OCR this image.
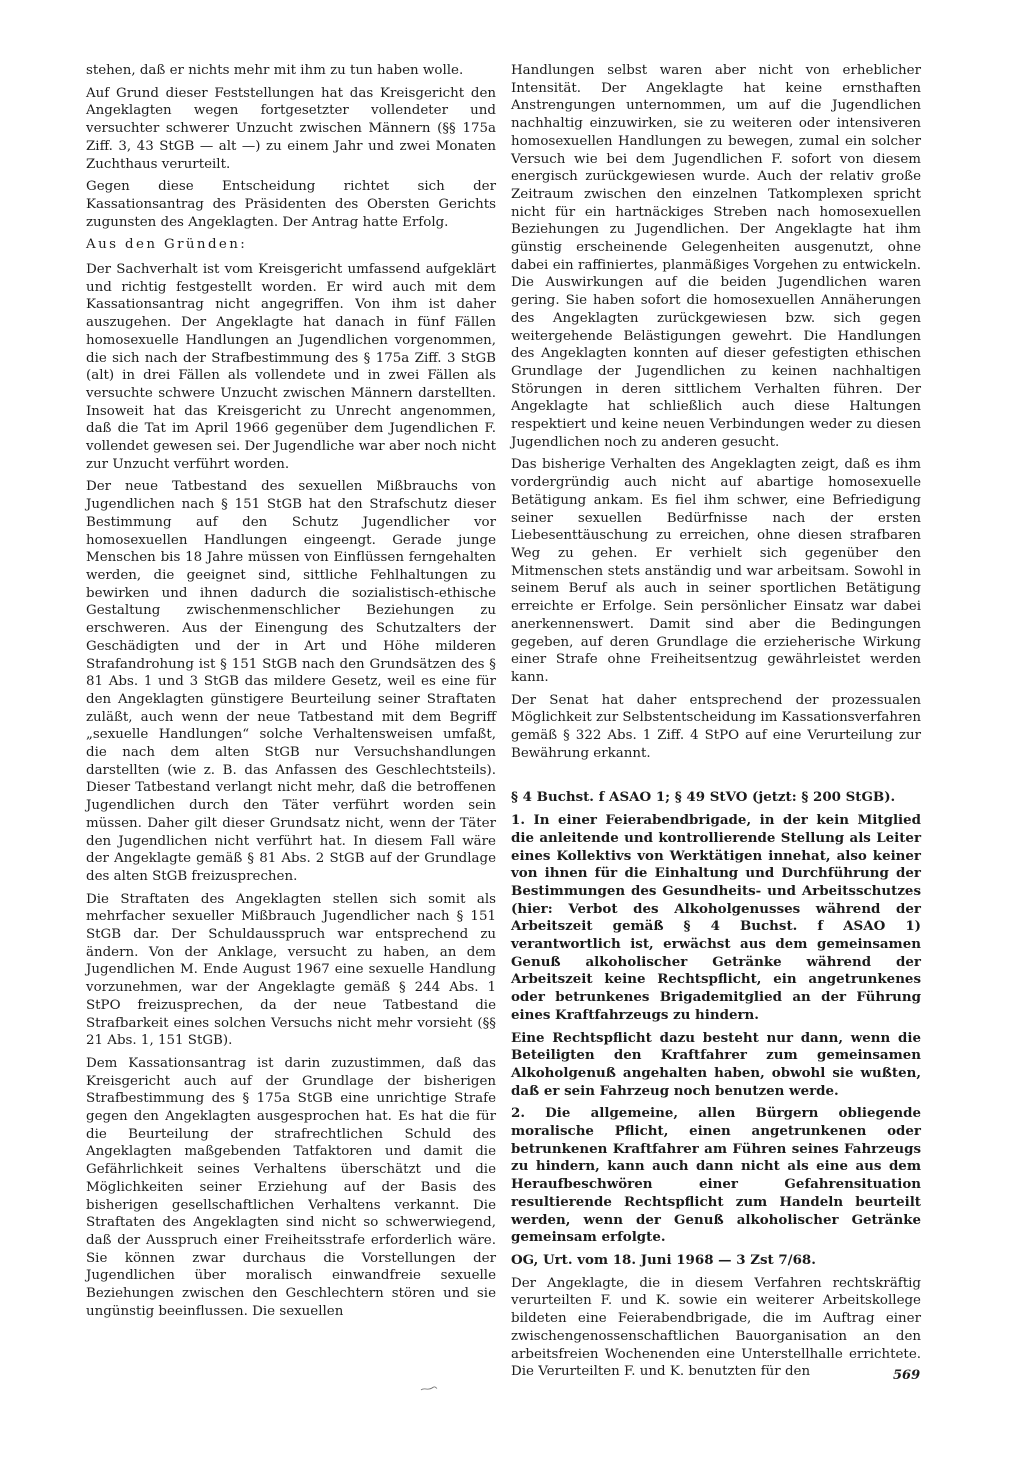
stehen, daß er nichts mehr mit ihm zu tun haben wolle.

Auf Grund dieser Feststellungen hat das Kreisgericht den Angeklagten wegen fortgesetzter vollendeter und versuchter schwerer Unzucht zwischen Männern (§§ 175a Ziff. 3, 43 StGB — alt —) zu einem Jahr und zwei Monaten Zuchthaus verurteilt.

Gegen diese Entscheidung richtet sich der Kassationsantrag des Präsidenten des Obersten Gerichts zugunsten des Angeklagten. Der Antrag hatte Erfolg.

Aus den Gründen:

Der Sachverhalt ist vom Kreisgericht umfassend aufgeklärt und richtig festgestellt worden. Er wird auch mit dem Kassationsantrag nicht angegriffen. Von ihm ist daher auszugehen. Der Angeklagte hat danach in fünf Fällen homosexuelle Handlungen an Jugendlichen vorgenommen, die sich nach der Strafbestimmung des § 175a Ziff. 3 StGB (alt) in drei Fällen als vollendete und in zwei Fällen als versuchte schwere Unzucht zwischen Männern darstellten. Insoweit hat das Kreisgericht zu Unrecht angenommen, daß die Tat im April 1966 gegenüber dem Jugendlichen F. vollendet gewesen sei. Der Jugendliche war aber noch nicht zur Unzucht verführt worden.

Der neue Tatbestand des sexuellen Mißbrauchs von Jugendlichen nach § 151 StGB hat den Strafschutz dieser Bestimmung auf den Schutz Jugendlicher vor homosexuellen Handlungen eingeengt. Gerade junge Menschen bis 18 Jahre müssen von Einflüssen ferngehalten werden, die geeignet sind, sittliche Fehlhaltungen zu bewirken und ihnen dadurch die sozialistisch-ethische Gestaltung zwischenmenschlicher Beziehungen zu erschweren. Aus der Einengung des Schutzalters der Geschädigten und der in Art und Höhe milderen Strafandrohung ist § 151 StGB nach den Grundsätzen des § 81 Abs. 1 und 3 StGB das mildere Gesetz, weil es eine für den Angeklagten günstigere Beurteilung seiner Straftaten zuläßt, auch wenn der neue Tatbestand mit dem Begriff „sexuelle Handlungen“ solche Verhaltensweisen umfaßt, die nach dem alten StGB nur Versuchshandlungen darstellten (wie z. B. das Anfassen des Geschlechtsteils). Dieser Tatbestand verlangt nicht mehr, daß die betroffenen Jugendlichen durch den Täter verführt worden sein müssen. Daher gilt dieser Grundsatz nicht, wenn der Täter den Jugendlichen nicht verführt hat. In diesem Fall wäre der Angeklagte gemäß § 81 Abs. 2 StGB auf der Grundlage des alten StGB freizusprechen.

Die Straftaten des Angeklagten stellen sich somit als mehrfacher sexueller Mißbrauch Jugendlicher nach § 151 StGB dar. Der Schuldausspruch war entsprechend zu ändern. Von der Anklage, versucht zu haben, an dem Jugendlichen M. Ende August 1967 eine sexuelle Handlung vorzunehmen, war der Angeklagte gemäß § 244 Abs. 1 StPO freizusprechen, da der neue Tatbestand die Strafbarkeit eines solchen Versuchs nicht mehr vorsieht (§§ 21 Abs. 1, 151 StGB).

Dem Kassationsantrag ist darin zuzustimmen, daß das Kreisgericht auch auf der Grundlage der bisherigen Strafbestimmung des § 175a StGB eine unrichtige Strafe gegen den Angeklagten ausgesprochen hat. Es hat die für die Beurteilung der strafrechtlichen Schuld des Angeklagten maßgebenden Tatfaktoren und damit die Gefährlichkeit seines Verhaltens überschätzt und die Möglichkeiten seiner Erziehung auf der Basis des bisherigen gesellschaftlichen Verhaltens verkannt. Die Straftaten des Angeklagten sind nicht so schwerwiegend, daß der Ausspruch einer Freiheitsstrafe erforderlich wäre. Sie können zwar durchaus die Vorstellungen der Jugendlichen über moralisch einwandfreie sexuelle Beziehungen zwischen den Geschlechtern stören und sie ungünstig beeinflussen. Die sexuellen

Handlungen selbst waren aber nicht von erheblicher Intensität. Der Angeklagte hat keine ernsthaften Anstrengungen unternommen, um auf die Jugendlichen nachhaltig einzuwirken, sie zu weiteren oder intensiveren homosexuellen Handlungen zu bewegen, zumal ein solcher Versuch wie bei dem Jugendlichen F. sofort von diesem energisch zurückgewiesen wurde. Auch der relativ große Zeitraum zwischen den einzelnen Tatkomplexen spricht nicht für ein hartnäckiges Streben nach homosexuellen Beziehungen zu Jugendlichen. Der Angeklagte hat ihm günstig erscheinende Gelegenheiten ausgenutzt, ohne dabei ein raffiniertes, planmäßiges Vorgehen zu entwickeln. Die Auswirkungen auf die beiden Jugendlichen waren gering. Sie haben sofort die homosexuellen Annäherungen des Angeklagten zurückgewiesen bzw. sich gegen weitergehende Belästigungen gewehrt. Die Handlungen des Angeklagten konnten auf dieser gefestigten ethischen Grundlage der Jugendlichen zu keinen nachhaltigen Störungen in deren sittlichem Verhalten führen. Der Angeklagte hat schließlich auch diese Haltungen respektiert und keine neuen Verbindungen weder zu diesen Jugendlichen noch zu anderen gesucht.

Das bisherige Verhalten des Angeklagten zeigt, daß es ihm vordergründig auch nicht auf abartige homosexuelle Betätigung ankam. Es fiel ihm schwer, eine Befriedigung seiner sexuellen Bedürfnisse nach der ersten Liebesenttäuschung zu erreichen, ohne diesen strafbaren Weg zu gehen. Er verhielt sich gegenüber den Mitmenschen stets anständig und war arbeitsam. Sowohl in seinem Beruf als auch in seiner sportlichen Betätigung erreichte er Erfolge. Sein persönlicher Einsatz war dabei anerkennenswert. Damit sind aber die Bedingungen gegeben, auf deren Grundlage die erzieherische Wirkung einer Strafe ohne Freiheitsentzug gewährleistet werden kann.

Der Senat hat daher entsprechend der prozessualen Möglichkeit zur Selbstentscheidung im Kassationsverfahren gemäß § 322 Abs. 1 Ziff. 4 StPO auf eine Verurteilung zur Bewährung erkannt.

§ 4 Buchst. f ASAO 1; § 49 StVO (jetzt: § 200 StGB).

1. In einer Feierabendbrigade, in der kein Mitglied die anleitende und kontrollierende Stellung als Leiter eines Kollektivs von Werktätigen innehat, also keiner von ihnen für die Einhaltung und Durchführung der Bestimmungen des Gesundheits- und Arbeitsschutzes (hier: Verbot des Alkoholgenusses während der Arbeitszeit gemäß § 4 Buchst. f ASAO 1) verantwortlich ist, erwächst aus dem gemeinsamen Genuß alkoholischer Getränke während der Arbeitszeit keine Rechtspflicht, ein angetrunkenes oder betrunkenes Brigademitglied an der Führung eines Kraftfahrzeugs zu hindern.

Eine Rechtspflicht dazu besteht nur dann, wenn die Beteiligten den Kraftfahrer zum gemeinsamen Alkoholgenuß angehalten haben, obwohl sie wußten, daß er sein Fahrzeug noch benutzen werde.

2. Die allgemeine, allen Bürgern obliegende moralische Pflicht, einen angetrunkenen oder betrunkenen Kraftfahrer am Führen seines Fahrzeugs zu hindern, kann auch dann nicht als eine aus dem Heraufbeschwören einer Gefahrensituation resultierende Rechtspflicht zum Handeln beurteilt werden, wenn der Genuß alkoholischer Getränke gemeinsam erfolgte.

OG, Urt. vom 18. Juni 1968 — 3 Zst 7/68.

Der Angeklagte, die in diesem Verfahren rechtskräftig verurteilten F. und K. sowie ein weiterer Arbeitskollege bildeten eine Feierabendbrigade, die im Auftrag einer zwischengenossenschaftlichen Bauorganisation an den arbeitsfreien Wochenenden eine Unterstellhalle errichtete. Die Verurteilten F. und K. benutzten für den	569
